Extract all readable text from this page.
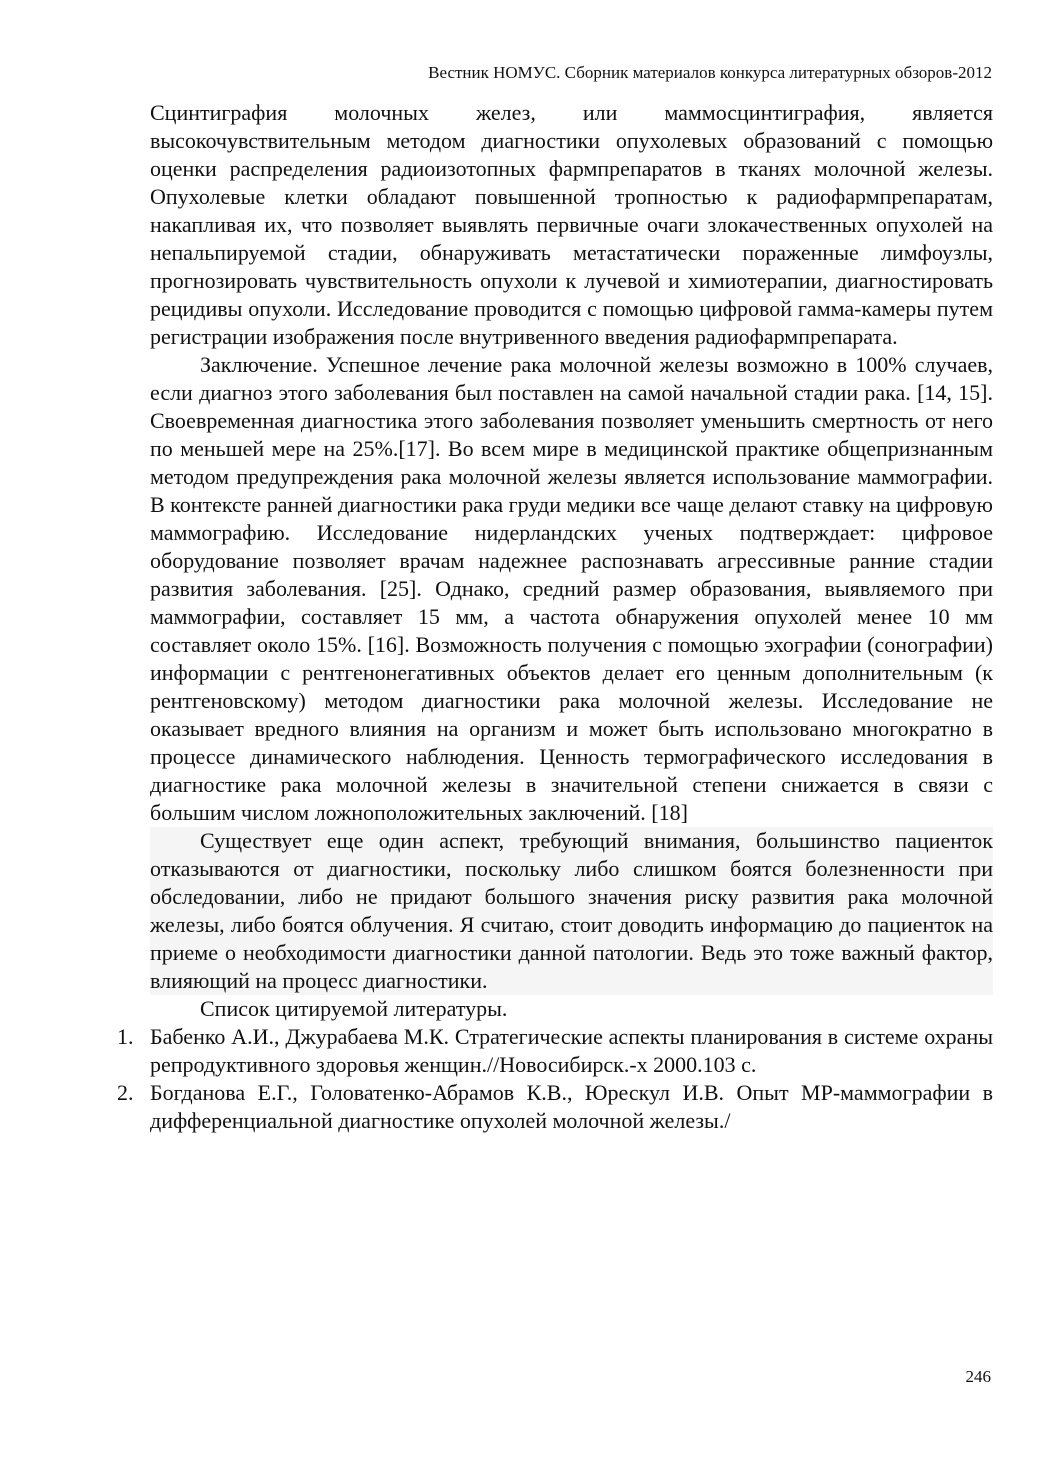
Вестник НОМУС. Сборник материалов конкурса литературных обзоров-2012

Сцинтиграфия молочных желез, или маммосцинтиграфия, является высокочувствительным методом диагностики опухолевых образований с помощью оценки распределения радиоизотопных фармпрепаратов в тканях молочной железы. Опухолевые клетки обладают повышенной тропностью к радиофармпрепаратам, накапливая их, что позволяет выявлять первичные очаги злокачественных опухолей на непальпируемой стадии, обнаруживать метастатически пораженные лимфоузлы, прогнозировать чувствительность опухоли к лучевой и химиотерапии, диагностировать рецидивы опухоли. Исследование проводится с помощью цифровой гамма-камеры путем регистрации изображения после внутривенного введения радиофармпрепарата.

Заключение. Успешное лечение рака молочной железы возможно в 100% случаев, если диагноз этого заболевания был поставлен на самой начальной стадии рака. [14, 15]. Своевременная диагностика этого заболевания позволяет уменьшить смертность от него по меньшей мере на 25%.[17]. Во всем мире в медицинской практике общепризнанным методом предупреждения рака молочной железы является использование маммографии. В контексте ранней диагностики рака груди медики все чаще делают ставку на цифровую маммографию. Исследование нидерландских ученых подтверждает: цифровое оборудование позволяет врачам надежнее распознавать агрессивные ранние стадии развития заболевания. [25]. Однако, средний размер образования, выявляемого при маммографии, составляет 15 мм, а частота обнаружения опухолей менее 10 мм составляет около 15%. [16]. Возможность получения с помощью эхографии (сонографии) информации с рентгенонегативных объектов делает его ценным дополнительным (к рентгеновскому) методом диагностики рака молочной железы. Исследование не оказывает вредного влияния на организм и может быть использовано многократно в процессе динамического наблюдения. Ценность термографического исследования в диагностике рака молочной железы в значительной степени снижается в связи с большим числом ложноположительных заключений. [18]

Существует еще один аспект, требующий внимания, большинство пациенток отказываются от диагностики, поскольку либо слишком боятся болезненности при обследовании, либо не придают большого значения риску развития рака молочной железы, либо боятся облучения. Я считаю, стоит доводить информацию до пациенток на приеме о необходимости диагностики данной патологии. Ведь это тоже важный фактор, влияющий на процесс диагностики.

Список цитируемой литературы.

1. Бабенко А.И., Джурабаева М.К. Стратегические аспекты планирования в системе охраны репродуктивного здоровья женщин.//Новосибирск.-х 2000.103 с.
2. Богданова Е.Г., Головатенко-Абрамов К.В., Юрескул И.В. Опыт МР-маммографии в дифференциальной диагностике опухолей молочной железы./
246
